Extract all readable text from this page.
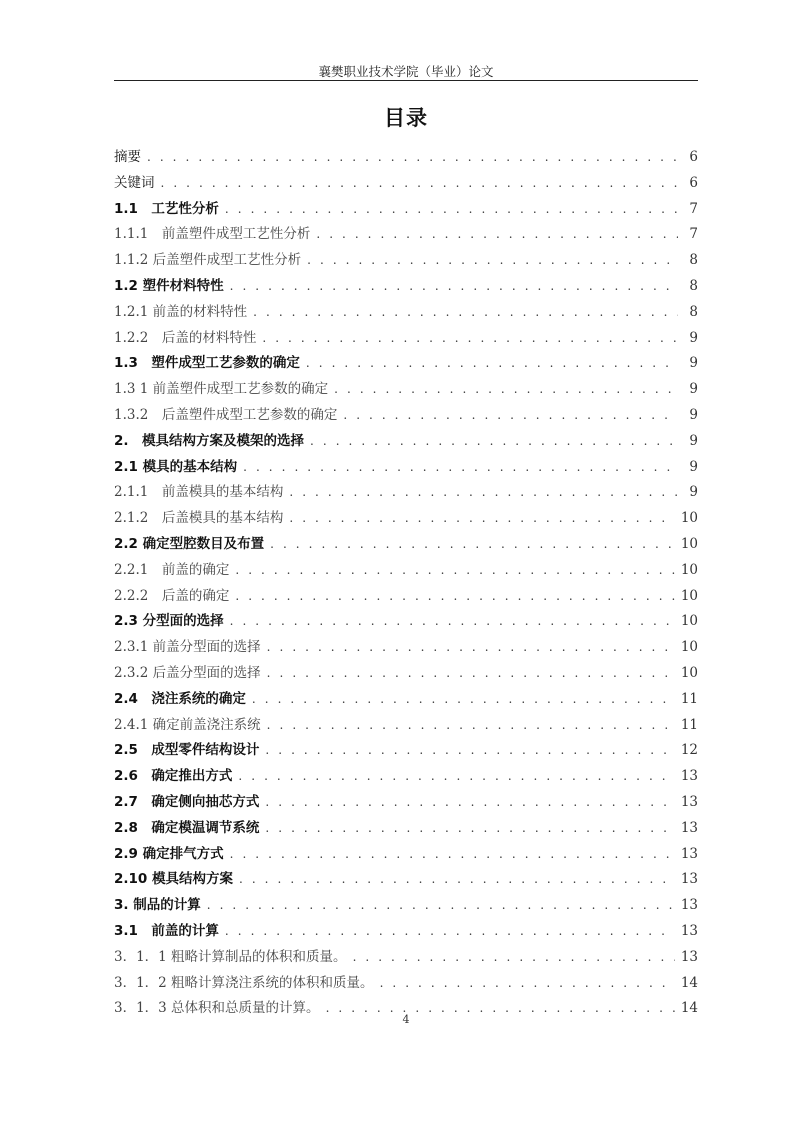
襄樊职业技术学院（毕业）论文
目录
摘要 . . .	6
关键词 . . .	6
1.1　工艺性分析 . . .	7
1.1.1　前盖塑件成型工艺性分析 . . .	7
1.1.2 后盖塑件成型工艺性分析 . . .	8
1.2 塑件材料特性 . . .	8
1.2.1 前盖的材料特性 . . .	8
1.2.2　后盖的材料特性 . . .	9
1.3　塑件成型工艺参数的确定 . . .	9
1.3 1 前盖塑件成型工艺参数的确定 . . .	9
1.3.2　后盖塑件成型工艺参数的确定 . . .	9
2.　模具结构方案及模架的选择 . . .	9
2.1 模具的基本结构 . . .	9
2.1.1　前盖模具的基本结构 . . .	9
2.1.2　后盖模具的基本结构 . . .	10
2.2 确定型腔数目及布置 . . .	10
2.2.1　前盖的确定 . . .	10
2.2.2　后盖的确定 . . .	10
2.3 分型面的选择 . . .	10
2.3.1 前盖分型面的选择 . . .	10
2.3.2 后盖分型面的选择 . . .	10
2.4　浇注系统的确定 . . .	11
2.4.1 确定前盖浇注系统 . . .	11
2.5　成型零件结构设计 . . .	12
2.6　确定推出方式 . . .	13
2.7　确定侧向抽芯方式 . . .	13
2.8　确定模温调节系统 . . .	13
2.9 确定排气方式 . . .	13
2.10 模具结构方案 . . .	13
3. 制品的计算 . . .	13
3.1　前盖的计算 . . .	13
3．1．1 粗略计算制品的体积和质量。 . . .	13
3．1．2 粗略计算浇注系统的体积和质量。 . . .	14
3．1．3 总体积和总质量的计算。 . . .	14
4
